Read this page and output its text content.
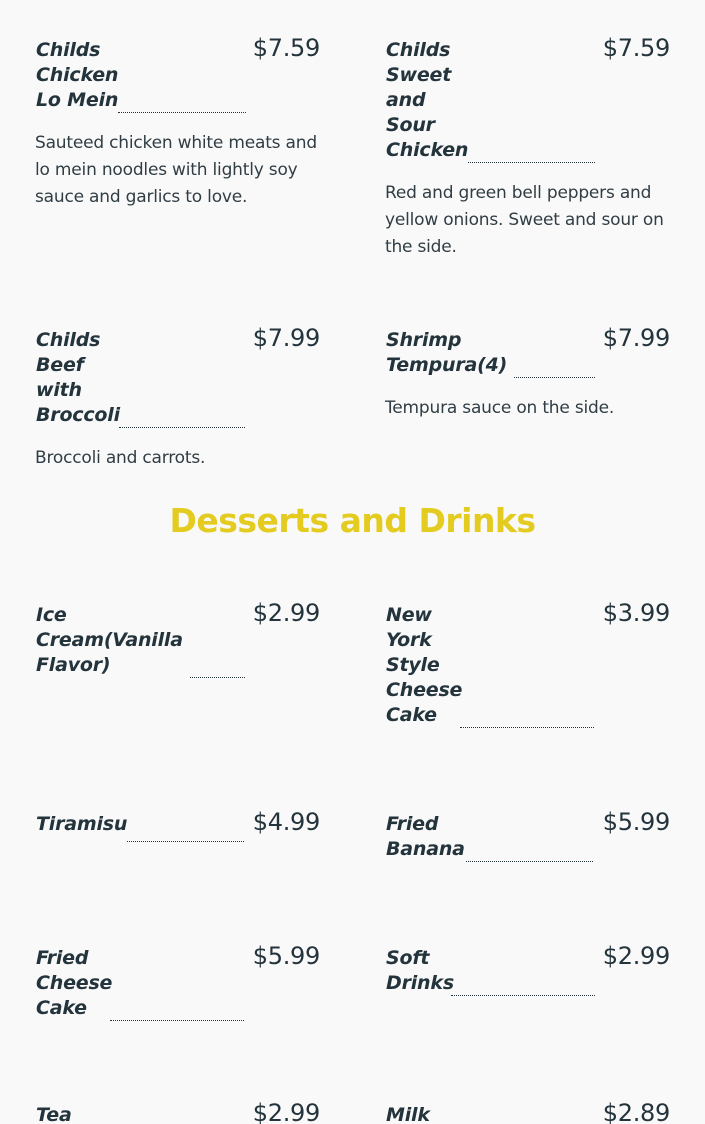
Childs Chicken Lo Mein
$7.59
Sauteed chicken white meats and lo mein noodles with lightly soy sauce and garlics to love.
Childs Sweet and Sour Chicken
$7.59
Red and green bell peppers and yellow onions. Sweet and sour on the side.
Childs Beef with Broccoli
$7.99
Broccoli and carrots.
Shrimp Tempura(4)
$7.99
Tempura sauce on the side.
Desserts and Drinks
Ice Cream(Vanilla Flavor)
$2.99	New York Style Cheese Cake
$3.99
Tiramisu	$4.99	Fried Banana
$5.99
Fried Cheese Cake
$5.99	Soft Drinks
$2.99
Tea	$2.99	Milk	$2.89
